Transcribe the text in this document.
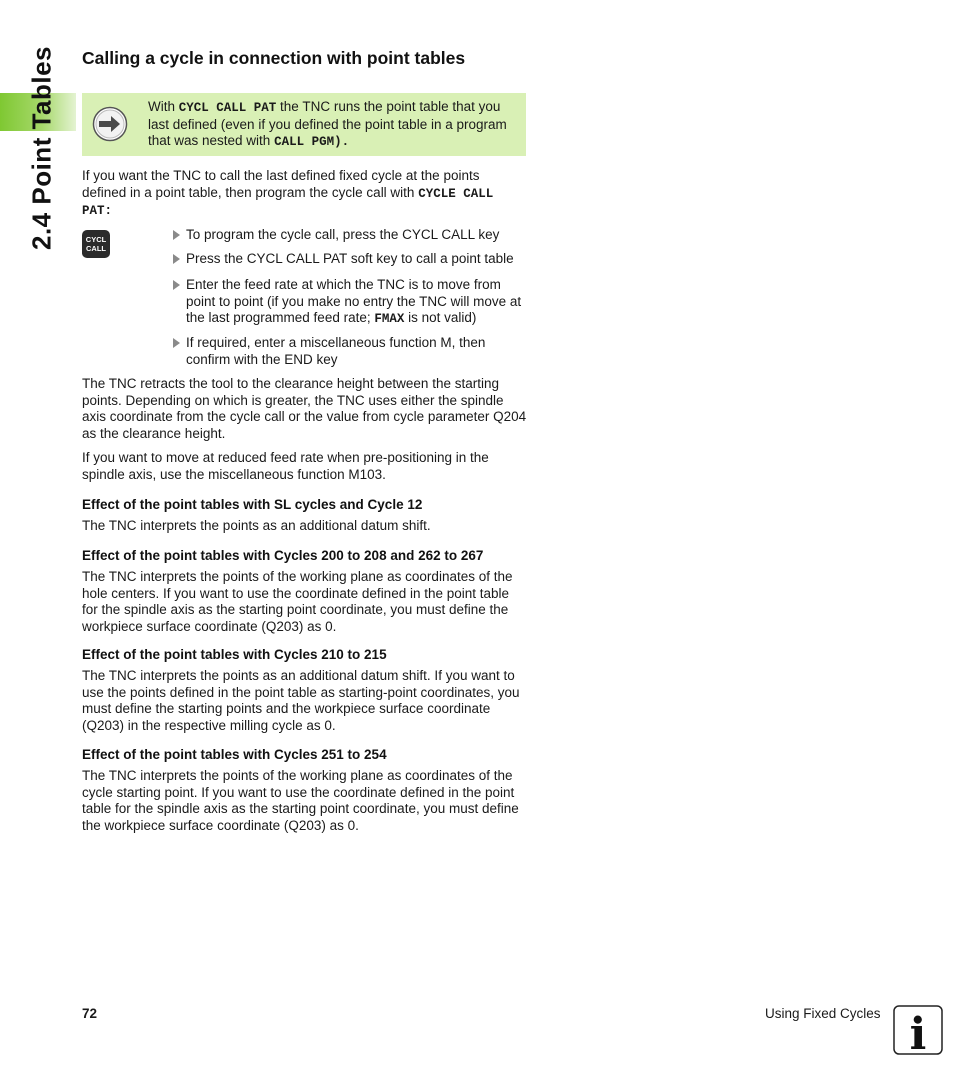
2.4 Point Tables Calling a cycle in connection with point tables
With CYCL CALL PAT the TNC runs the point table that you last defined (even if you defined the point table in a program that was nested with CALL PGM).

If you want the TNC to call the last defined fixed cycle at the points defined in a point table, then program the cycle call with CYCLE CALL PAT:

CYCL
CALL
To program the cycle call, press the CYCL CALL key
Press the CYCL CALL PAT soft key to call a point table
Enter the feed rate at which the TNC is to move from point to point (if you make no entry the TNC will move at the last programmed feed rate; FMAX is not valid)
If required, enter a miscellaneous function M, then confirm with the END key

The TNC retracts the tool to the clearance height between the starting points. Depending on which is greater, the TNC uses either the spindle axis coordinate from the cycle call or the value from cycle parameter Q204 as the clearance height.

If you want to move at reduced feed rate when pre-positioning in the spindle axis, use the miscellaneous function M103.

Effect of the point tables with SL cycles and Cycle 12

The TNC interprets the points as an additional datum shift.

Effect of the point tables with Cycles 200 to 208 and 262 to 267

The TNC interprets the points of the working plane as coordinates of the hole centers. If you want to use the coordinate defined in the point table for the spindle axis as the starting point coordinate, you must define the workpiece surface coordinate (Q203) as 0.

Effect of the point tables with Cycles 210 to 215

The TNC interprets the points as an additional datum shift. If you want to use the points defined in the point table as starting-point coordinates, you must define the starting points and the workpiece surface coordinate (Q203) in the respective milling cycle as 0.

Effect of the point tables with Cycles 251 to 254

The TNC interprets the points of the working plane as coordinates of the cycle starting point. If you want to use the coordinate defined in the point table for the spindle axis as the starting point coordinate, you must define the workpiece surface coordinate (Q203) as 0.

72	Using Fixed Cycles i
